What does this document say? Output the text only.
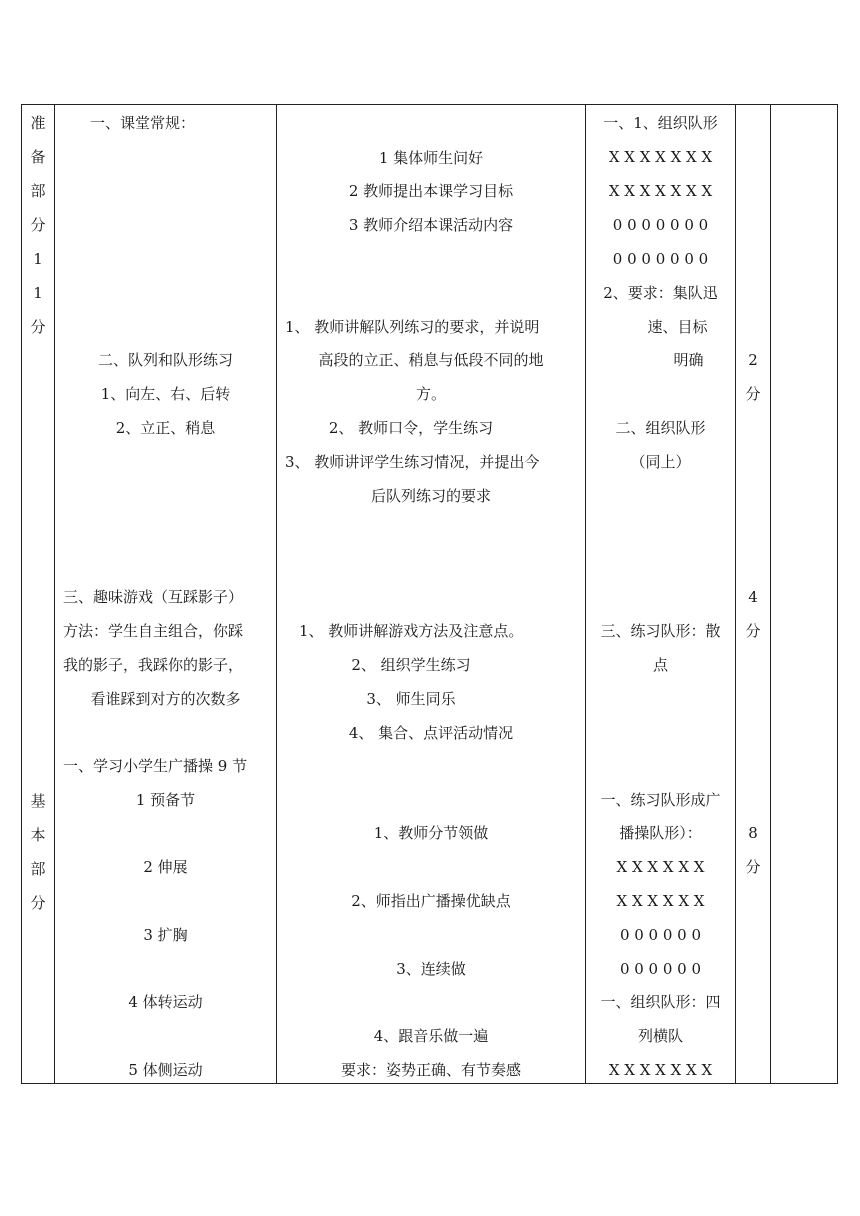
准
备
部
分
1
1
分
基
本
部
分
一、课堂常规：
二、队列和队形练习
1、向左、右、后转
2、立正、稍息
三、趣味游戏（互踩影子）
方法：学生自主组合，你踩
我的影子，我踩你的影子，
看谁踩到对方的次数多
一、学习小学生广播操 9 节
1 预备节
2 伸展
3 扩胸
4 体转运动
5 体侧运动
1 集体师生问好
2 教师提出本课学习目标
3 教师介绍本课活动内容
1、 教师讲解队列练习的要求，并说明
高段的立正、稍息与低段不同的地
方。
2、 教师口令，学生练习
3、 教师讲评学生练习情况，并提出今
后队列练习的要求
1、 教师讲解游戏方法及注意点。
2、 组织学生练习
3、 师生同乐
4、 集合、点评活动情况
1、教师分节领做
2、师指出广播操优缺点
3、连续做
4、跟音乐做一遍
要求：姿势正确、有节奏感
一、1、组织队形
X X X X X X X
X X X X X X X
0 0 0 0 0 0 0
0 0 0 0 0 0 0
2、要求：集队迅
速、目标
明确
二、组织队形
（同上）
三、练习队形：散
点
一、练习队形成广
播操队形）：
X X X X X X
X X X X X X
0 0 0 0 0 0
0 0 0 0 0 0
一、组织队形：四
列横队
X X X X X X X
2
分
4
分
8
分
